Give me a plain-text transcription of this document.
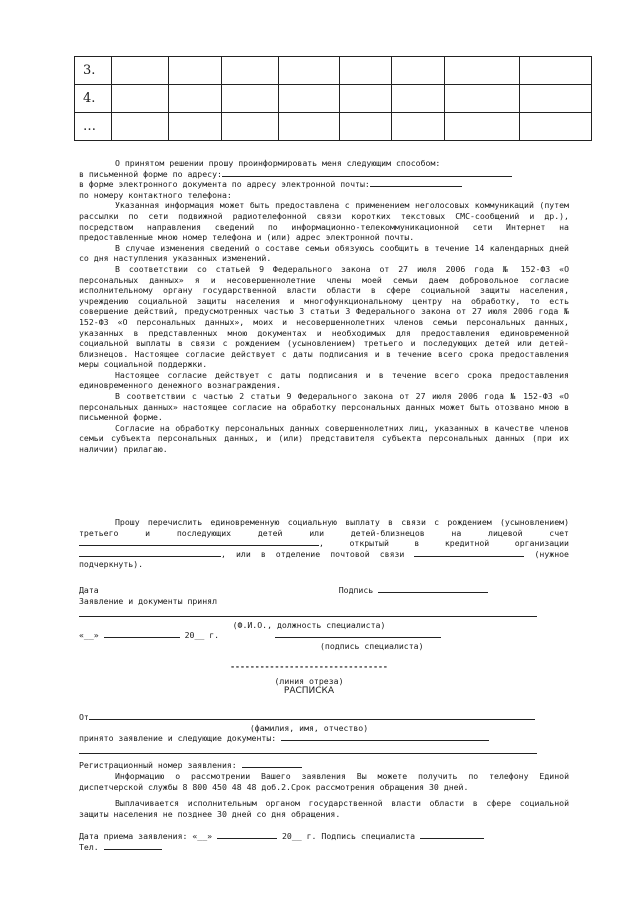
3.								
4.								
…								

О принятом решении прошу проинформировать меня следующим способом:

в письменной форме по адресу:

в форме электронного документа по адресу электронной почты:

по номеру контактного телефона:

Указанная информация может быть предоставлена с применением неголосовых коммуникаций (путем рассылки по сети подвижной радиотелефонной связи коротких текстовых СМС-сообщений и др.), посредством направления сведений по информационно-телекоммуникационной сети Интернет на предоставленные мною номер телефона и (или) адрес электронной почты.

В случае изменения сведений о составе семьи обязуюсь сообщить в течение 14 календарных дней со дня наступления указанных изменений.

В соответствии со статьей 9 Федерального закона от 27 июля 2006 года № 152-ФЗ «О персональных данных» я и несовершеннолетние члены моей семьи даем добровольное согласие исполнительному органу государственной власти области в сфере социальной защиты населения, учреждению социальной защиты населения и многофункциональному центру на обработку, то есть совершение действий, предусмотренных частью 3 статьи 3 Федерального закона от 27 июля 2006 года № 152-ФЗ «О персональных данных», моих и несовершеннолетних членов семьи персональных данных, указанных в представленных мною документах и необходимых для предоставления единовременной социальной выплаты в связи с рождением (усыновлением) третьего и последующих детей или детей-близнецов. Настоящее согласие действует с даты подписания и в течение всего срока предоставления меры социальной поддержки.

Настоящее согласие действует с даты подписания и в течение всего срока предоставления единовременного денежного вознаграждения.

В соответствии с частью 2 статьи 9 Федерального закона от 27 июля 2006 года № 152-ФЗ «О персональных данных» настоящее согласие на обработку персональных данных может быть отозвано мною в письменной форме.

Согласие на обработку персональных данных совершеннолетних лиц, указанных в качестве членов семьи субъекта персональных данных, и (или) представителя субъекта персональных данных (при их наличии) прилагаю.

Прошу перечислить единовременную социальную выплату в связи с рождением (усыновлением) третьего и последующих детей или детей-близнецов на лицевой счет , открытый в кредитной организации , или в отделение почтовой связи	(нужное подчеркнуть).

Дата	Подпись

Заявление и документы принял

(Ф.И.О., должность специалиста)

«__»	20__ г.

(подпись специалиста)

--------------------------------

(линия отреза)

РАСПИСКА

От

(фамилия, имя, отчество)

принято заявление и следующие документы:

Регистрационный номер заявления:

Информацию о рассмотрении Вашего заявления Вы можете получить по телефону Единой диспетчерской службы 8 800 450 48 48 доб.2.Срок рассмотрения обращения 30 дней.

Выплачивается исполнительным органом государственной власти области в сфере социальной защиты населения не позднее 30 дней со дня обращения.

Дата приема заявления: «__»	20__ г. Подпись специалиста

Тел.
